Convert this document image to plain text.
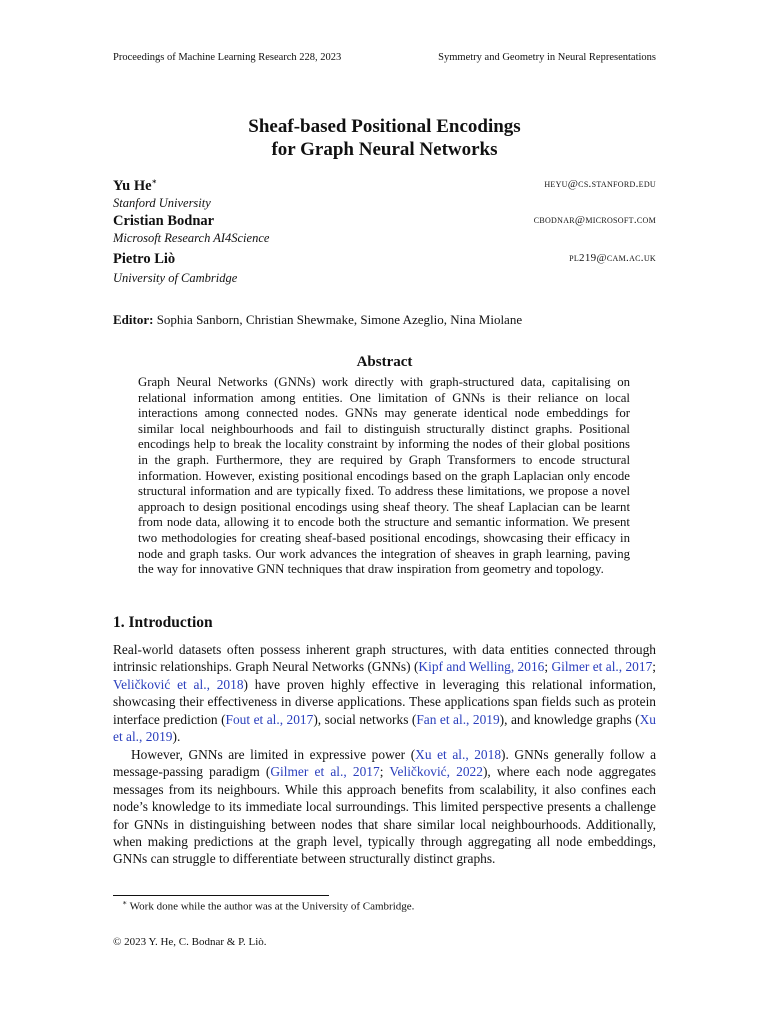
Proceedings of Machine Learning Research 228, 2023	Symmetry and Geometry in Neural Representations
Sheaf-based Positional Encodings
for Graph Neural Networks
Yu He∗	heyu@cs.stanford.edu
Stanford University
Cristian Bodnar	cbodnar@microsoft.com
Microsoft Research AI4Science
Pietro Liò	pl219@cam.ac.uk
University of Cambridge
Editor: Sophia Sanborn, Christian Shewmake, Simone Azeglio, Nina Miolane
Abstract
Graph Neural Networks (GNNs) work directly with graph-structured data, capitalising on relational information among entities. One limitation of GNNs is their reliance on local interactions among connected nodes. GNNs may generate identical node embeddings for similar local neighbourhoods and fail to distinguish structurally distinct graphs. Positional encodings help to break the locality constraint by informing the nodes of their global positions in the graph. Furthermore, they are required by Graph Transformers to encode structural information. However, existing positional encodings based on the graph Laplacian only encode structural information and are typically fixed. To address these limitations, we propose a novel approach to design positional encodings using sheaf theory. The sheaf Laplacian can be learnt from node data, allowing it to encode both the structure and semantic information. We present two methodologies for creating sheaf-based positional encodings, showcasing their efficacy in node and graph tasks. Our work advances the integration of sheaves in graph learning, paving the way for innovative GNN techniques that draw inspiration from geometry and topology.
1. Introduction
Real-world datasets often possess inherent graph structures, with data entities connected through intrinsic relationships. Graph Neural Networks (GNNs) (Kipf and Welling, 2016; Gilmer et al., 2017; Veličković et al., 2018) have proven highly effective in leveraging this relational information, showcasing their effectiveness in diverse applications. These applications span fields such as protein interface prediction (Fout et al., 2017), social networks (Fan et al., 2019), and knowledge graphs (Xu et al., 2019).
However, GNNs are limited in expressive power (Xu et al., 2018). GNNs generally follow a message-passing paradigm (Gilmer et al., 2017; Veličković, 2022), where each node aggregates messages from its neighbours. While this approach benefits from scalability, it also confines each node’s knowledge to its immediate local surroundings. This limited perspective presents a challenge for GNNs in distinguishing between nodes that share similar local neighbourhoods. Additionally, when making predictions at the graph level, typically through aggregating all node embeddings, GNNs can struggle to differentiate between structurally distinct graphs.
∗ Work done while the author was at the University of Cambridge.
© 2023 Y. He, C. Bodnar & P. Liò.
